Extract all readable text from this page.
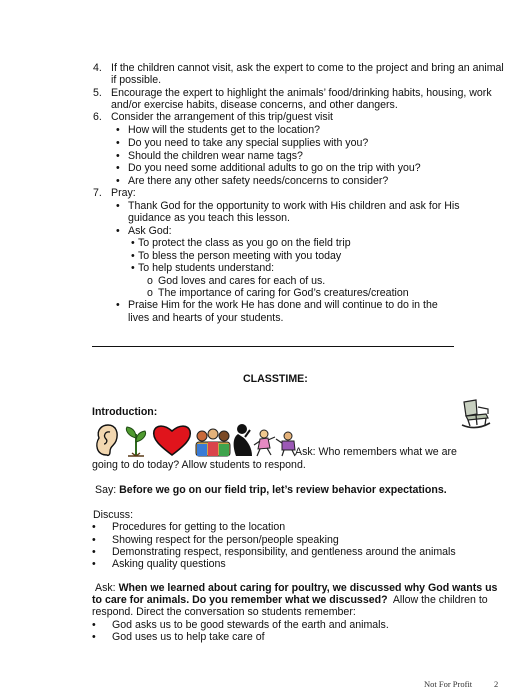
4. If the children cannot visit, ask the expert to come to the project and bring an animal
if possible.
5. Encourage the expert to highlight the animals’ food/drinking habits, housing, work
and/or exercise habits, disease concerns, and other dangers.
6. Consider the arrangement of this trip/guest visit
• How will the students get to the location?
• Do you need to take any special supplies with you?
• Should the children wear name tags?
• Do you need some additional adults to go on the trip with you?
• Are there any other safety needs/concerns to consider?
7. Pray:
• Thank God for the opportunity to work with His children and ask for His
guidance as you teach this lesson.
• Ask God:
• To protect the class as you go on the field trip
• To bless the person meeting with you today
• To help students understand:
o God loves and cares for each of us.
o The importance of caring for God’s creatures/creation
• Praise Him for the work He has done and will continue to do in the
lives and hearts of your students.
CLASSTIME:
Introduction:
Ask: Who remembers what we are
going to do today? Allow students to respond.
Say: Before we go on our field trip, let’s review behavior expectations.
Discuss:
• Procedures for getting to the location
• Showing respect for the person/people speaking
• Demonstrating respect, responsibility, and gentleness around the animals
• Asking quality questions
Ask: When we learned about caring for poultry, we discussed why God wants us
to care for animals. Do you remember what we discussed? Allow the children to
respond. Direct the conversation so students remember:
• God asks us to be good stewards of the earth and animals.
• God uses us to help take care of
Not For Profit	2
